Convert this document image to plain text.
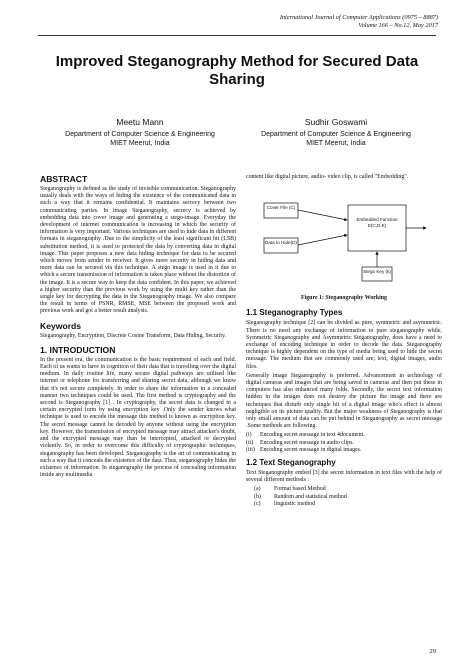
International Journal of Computer Applications (0975 – 8887)
Volume 166 – No.12, May 2017
Improved Steganography Method for Secured Data Sharing
Meetu Mann
Department of Computer Science & Engineering
MIET Meerut, India
Sudhir Goswami
Department of Computer Science & Engineering
MIET Meerut, India
ABSTRACT

Steganography is defined as the study of invisible communication. Steganography usually deals with the ways of hiding the existence of the communicated data in such a way that it remains confidential. It maintains secrecy between two communicating parties. In image Steganography, secrecy is achieved by embedding data into cover image and generating a stego-image. Everyday the development of internet communication is increasing in which the security of information is very important. Various techniques are used to hide data in different formats in steganography .Due to the simplicity of the least significant bit (LSB) substitution method, it is used to protected the data by converting data in digital image. This paper proposes a new data hiding technique for data to be secured which moves from sender to receiver. It gives more security in hiding data and more data can be secured via this technique. A stego image is used in it due to which a secure transmission of information is taken place without the distortion of the image. It is a secure way to keep the data confident. In this paper, we achieved a higher security than the previous work by using the multi key rather than the single key for decrypting the data in the Steganography image. We also compare the result in terms of PSNR, RMSE, MSE between the proposed work and previous work and got a better result analysis.

Keywords

Steganography, Encryption, Discrete Cosine Transform, Data Hiding, Security.

1. INTRODUCTION

In the present era, the communication is the basic requirement of each and field. Each of us wants to have in cognition of their data that is travelling over the digital medium. In daily routine life, many secure digital pathways are utilised like internet or telephone for transferring and sharing secret data, although we know that it's not secure completely. In order to share the information in a concealed manner two techniques could be used. The first method is cryptography and the second is Steganography [1] . In cryptography, the secret data is changed in a certain encrypted form by using encryption key .Only the sender knows what technique is used to encode the message this method is known as encryption key. The secret message cannot be decoded by anyone without using the encryption key. However, the transmission of encrypted message may attract attacker's doubt, and the encrypted message may than be intercepted, attacked or decrypted violently. So, in order to overcome this difficulty of cryptographic techniques, steganography has been developed. Steganography is the art of communicating in such a way that it conceals the existence of the data. Thus, steganography hides the existence of information. In steganography the process of concealing information inside any multimedia

content like digital picture, audio- video clip, is called "Embedding".

Cover File (C)
Data to Hide(D)
Embedded Function E(C,D,K)
Stego Key (k)
Figure 1: Steganography Working
1.1 Steganography Types

Steganography technique [2] can be divided as pure, symmetric and asymmetric. There is no need any exchange of information in pure steganography while, Symmetric Steganography and Asymmetric Steganography, does have a need to exchange of encoding technique in order to decode the data. Steganography technique is highly dependent on the type of media being used to hide the secret message. The medium that are commonly used are; text, digital images, audio files.

Generally image Steganography is preferred. Advancement in technology of digital cameras and images that are being saved in cameras and then put these in computers has also enhanced many folds. Secondly, the secret text information hidden in the images does not destroy the picture the image and there are techniques that disturb only single bit of a digital image who's effect is almost negligible on its picture quality. But the major weakness of Steganography is that only small amount of data can be put behind in Steganography as secret message .Some methods are following.

(i)	Encoding secret message in text 4document.
(ii)	Encoding secret message in audio clips.
(iii) Encoding secret message in digital images.
1.2 Text Steganography

Text Steganography embed [3] the secret information in text files with the help of several different methods :

(a)	Format based Method
(b)	Random and statistical method
(c)	linguistic method
29
